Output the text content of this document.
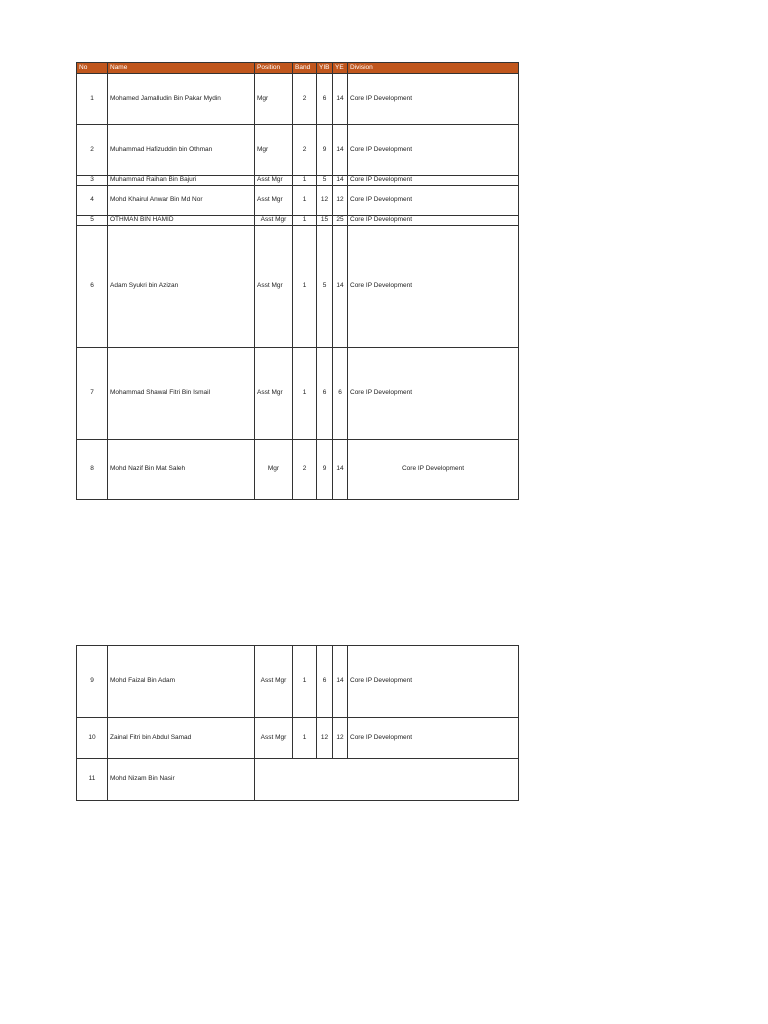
No	Name	Position	Band	YIB	YE	Division
1	Mohamed Jamalludin Bin Pakar Mydin	Mgr	2	6	14	Core IP Development
2	Muhammad Hafizuddin bin Othman	Mgr	2	9	14	Core IP Development
3	Muhammad Raihan Bin Bajuri	Asst Mgr	1	5	14	Core IP Development
4	Mohd Khairul Anwar Bin Md Nor	Asst Mgr	1	12	12	Core IP Development
5	OTHMAN BIN HAMID	Asst Mgr	1	15	25	Core IP Development
6	Adam Syukri bin Azizan	Asst Mgr	1	5	14	Core IP Development
7	Mohammad Shawal Fitri Bin Ismail	Asst Mgr	1	6	6	Core IP Development
8	Mohd Nazif Bin Mat Saleh	Mgr	2	9	14	Core IP Development
9	Mohd Faizal Bin Adam	Asst Mgr	1	6	14	Core IP Development
10	Zainal Fitri bin Abdul Samad	Asst Mgr	1	12	12	Core IP Development
11	Mohd Nizam Bin Nasir					
